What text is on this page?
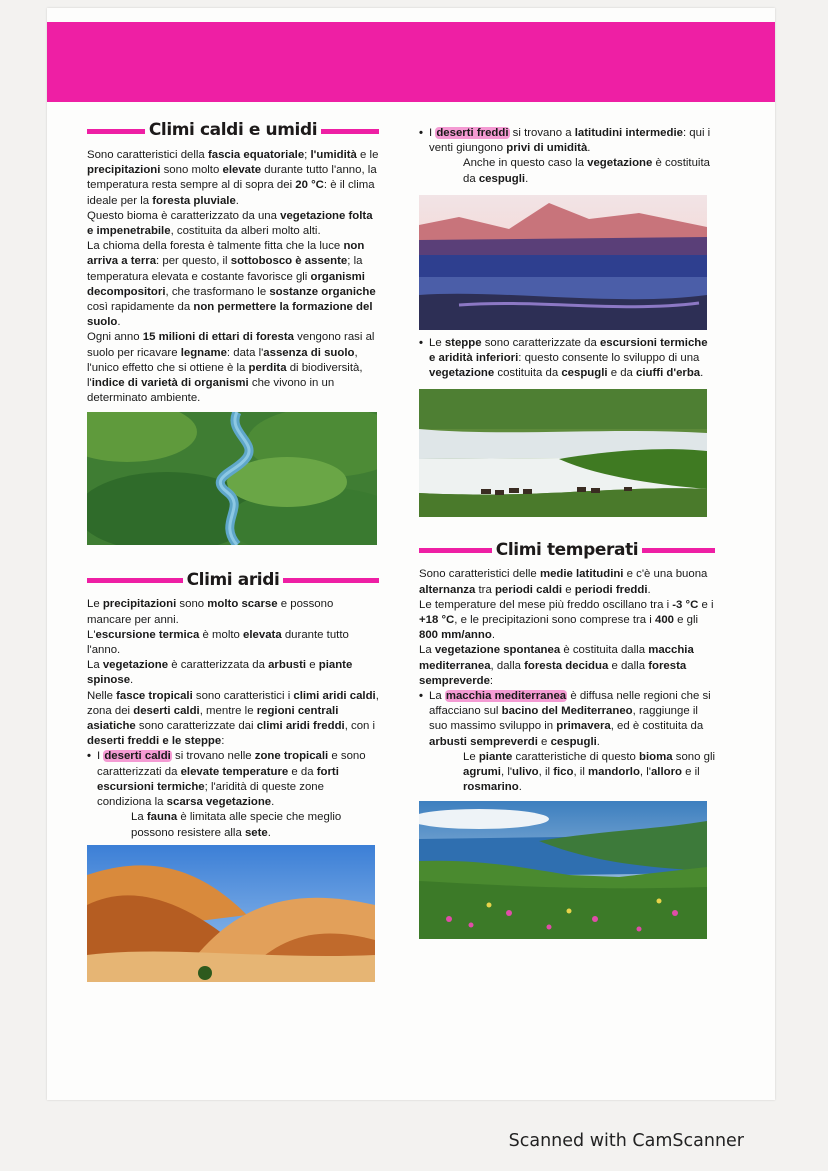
Climi caldi e umidi

Sono caratteristici della fascia equatoriale; l'umidità e le precipitazioni sono molto elevate durante tutto l'anno, la temperatura resta sempre al di sopra dei 20 °C: è il clima ideale per la foresta pluviale.

Questo bioma è caratterizzato da una vegetazione folta e impenetrabile, costituita da alberi molto alti.

La chioma della foresta è talmente fitta che la luce non arriva a terra: per questo, il sottobosco è assente; la temperatura elevata e costante favorisce gli organismi decompositori, che trasformano le sostanze organiche così rapidamente da non permettere la formazione del suolo.

Ogni anno 15 milioni di ettari di foresta vengono rasi al suolo per ricavare legname: data l'assenza di suolo, l'unico effetto che si ottiene è la perdita di biodiversità, l'indice di varietà di organismi che vivono in un determinato ambiente.

Climi aridi

Le precipitazioni sono molto scarse e possono mancare per anni.

L'escursione termica è molto elevata durante tutto l'anno.

La vegetazione è caratterizzata da arbusti e piante spinose.

Nelle fasce tropicali sono caratteristici i climi aridi caldi, zona dei deserti caldi, mentre le regioni centrali asiatiche sono caratterizzate dai climi aridi freddi, con i deserti freddi e le steppe:

• I deserti caldi si trovano nelle zone tropicali e sono caratterizzati da elevate temperature e da forti escursioni termiche; l'aridità di queste zone condiziona la scarsa vegetazione.

La fauna è limitata alle specie che meglio possono resistere alla sete.

• I deserti freddi si trovano a latitudini intermedie: qui i venti giungono privi di umidità.

Anche in questo caso la vegetazione è costituita da cespugli.

• Le steppe sono caratterizzate da escursioni termiche e aridità inferiori: questo consente lo sviluppo di una vegetazione costituita da cespugli e da ciuffi d'erba.

Climi temperati

Sono caratteristici delle medie latitudini e c'è una buona alternanza tra periodi caldi e periodi freddi.

Le temperature del mese più freddo oscillano tra i -3 °C e i +18 °C, e le precipitazioni sono comprese tra i 400 e gli 800 mm/anno.

La vegetazione spontanea è costituita dalla macchia mediterranea, dalla foresta decidua e dalla foresta sempreverde:

• La macchia mediterranea è diffusa nelle regioni che si affacciano sul bacino del Mediterraneo, raggiunge il suo massimo sviluppo in primavera, ed è costituita da arbusti sempreverdi e cespugli.

Le piante caratteristiche di questo bioma sono gli agrumi, l'ulivo, il fico, il mandorlo, l'alloro e il rosmarino.

Scanned with CamScanner
